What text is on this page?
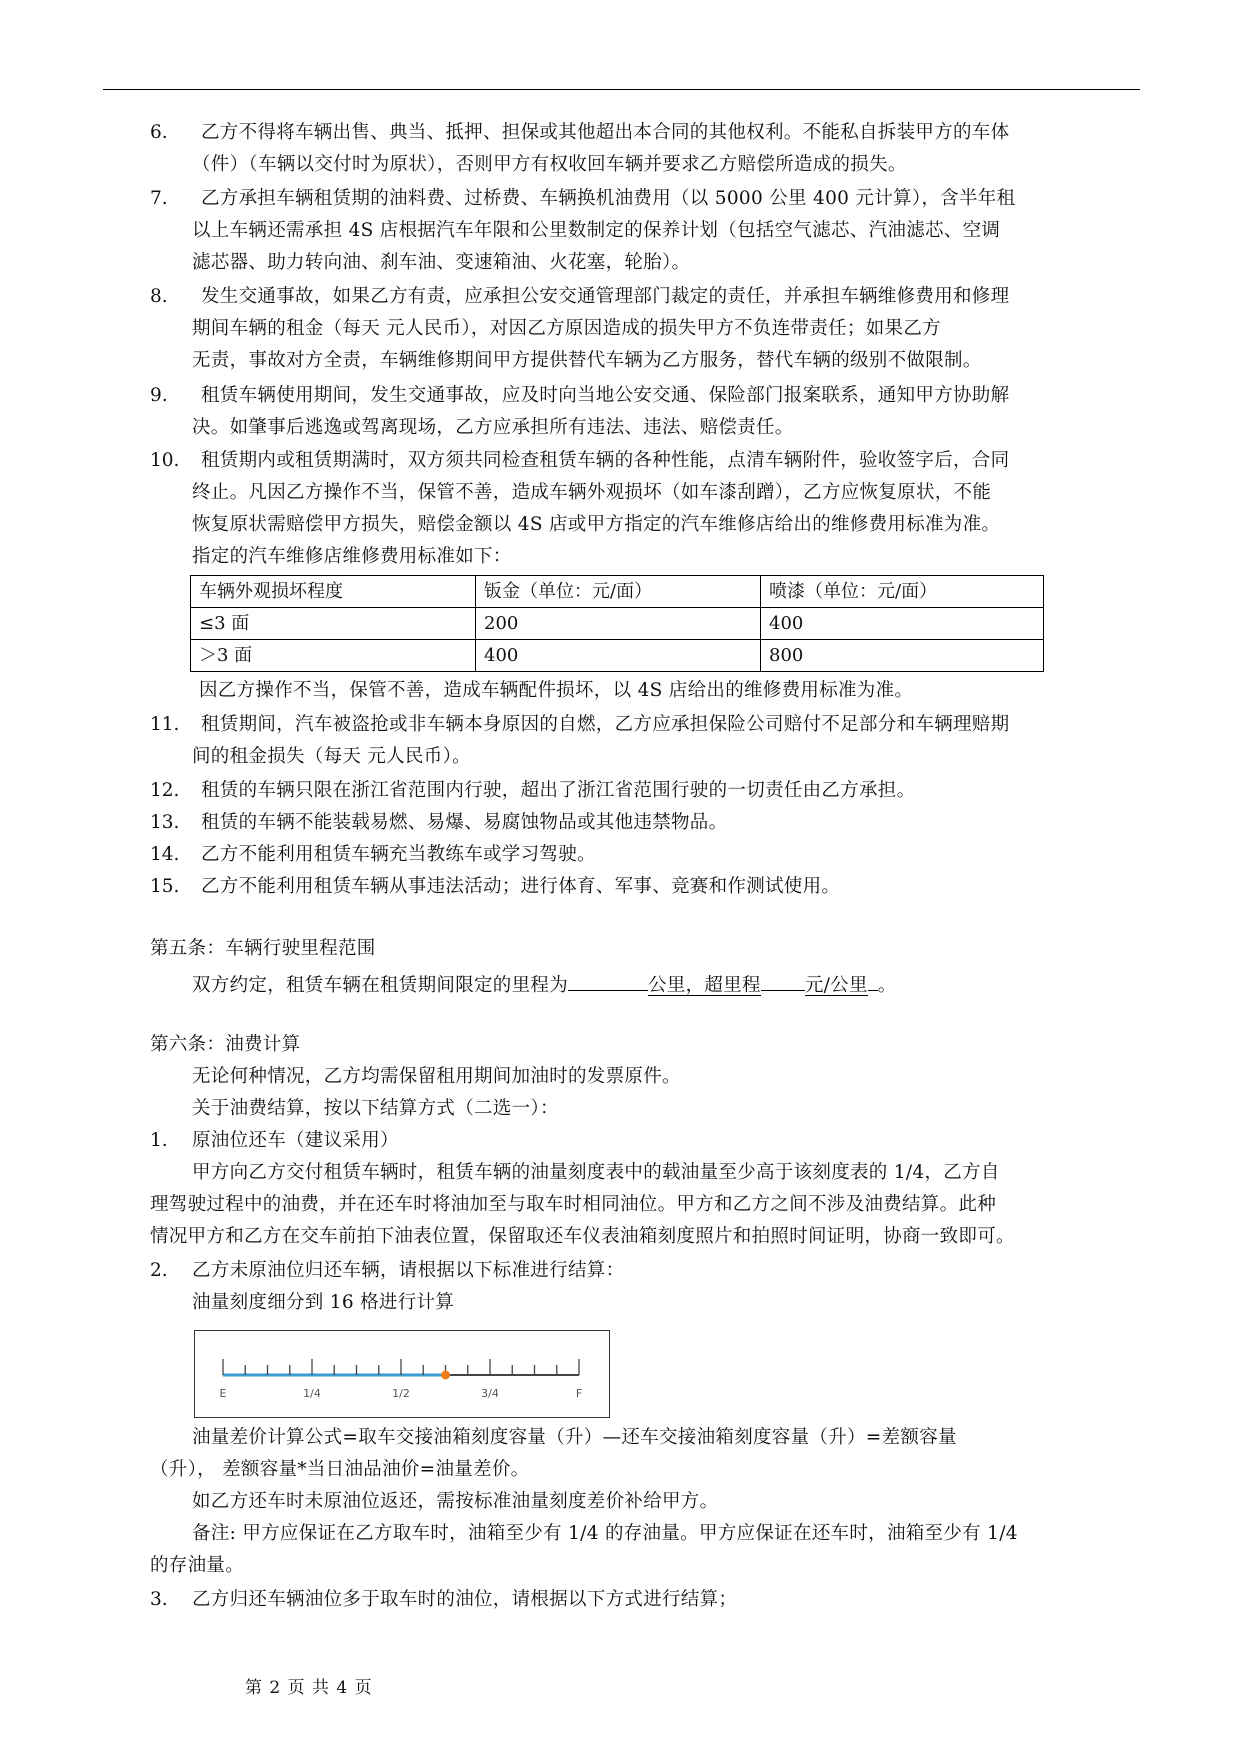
6. 乙方不得将车辆出售、典当、抵押、担保或其他超出本合同的其他权利。不能私自拆装甲方的车体
（件）（车辆以交付时为原状），否则甲方有权收回车辆并要求乙方赔偿所造成的损失。
7. 乙方承担车辆租赁期的油料费、过桥费、车辆换机油费用（以 5000 公里 400 元计算），含半年租
以上车辆还需承担 4S 店根据汽车年限和公里数制定的保养计划（包括空气滤芯、汽油滤芯、空调
滤芯器、助力转向油、刹车油、变速箱油、火花塞，轮胎）。
8. 发生交通事故，如果乙方有责，应承担公安交通管理部门裁定的责任，并承担车辆维修费用和修理
期间车辆的租金（每天 元人民币），对因乙方原因造成的损失甲方不负连带责任；如果乙方
无责，事故对方全责，车辆维修期间甲方提供替代车辆为乙方服务，替代车辆的级别不做限制。
9. 租赁车辆使用期间，发生交通事故，应及时向当地公安交通、保险部门报案联系，通知甲方协助解
决。如肇事后逃逸或驾离现场，乙方应承担所有违法、违法、赔偿责任。
10. 租赁期内或租赁期满时，双方须共同检查租赁车辆的各种性能，点清车辆附件，验收签字后，合同
终止。凡因乙方操作不当，保管不善，造成车辆外观损坏（如车漆刮蹭），乙方应恢复原状，不能
恢复原状需赔偿甲方损失，赔偿金额以 4S 店或甲方指定的汽车维修店给出的维修费用标准为准。
指定的汽车维修店维修费用标准如下：
车辆外观损坏程度	钣金（单位：元/面）	喷漆（单位：元/面）
≤3 面	200	400
＞3 面	400	800
因乙方操作不当，保管不善，造成车辆配件损坏，以 4S 店给出的维修费用标准为准。
11. 租赁期间，汽车被盗抢或非车辆本身原因的自燃，乙方应承担保险公司赔付不足部分和车辆理赔期
间的租金损失（每天 元人民币）。
12. 租赁的车辆只限在浙江省范围内行驶，超出了浙江省范围行驶的一切责任由乙方承担。
13. 租赁的车辆不能装载易燃、易爆、易腐蚀物品或其他违禁物品。
14. 乙方不能利用租赁车辆充当教练车或学习驾驶。
15. 乙方不能利用租赁车辆从事违法活动；进行体育、军事、竞赛和作测试使用。
第五条：车辆行驶里程范围
双方约定，租赁车辆在租赁期间限定的里程为	公里，超里程 元/公里 。
第六条：油费计算
无论何种情况，乙方均需保留租用期间加油时的发票原件。
关于油费结算，按以下结算方式（二选一）：
1. 原油位还车（建议采用）
甲方向乙方交付租赁车辆时，租赁车辆的油量刻度表中的载油量至少高于该刻度表的 1/4，乙方自
理驾驶过程中的油费，并在还车时将油加至与取车时相同油位。甲方和乙方之间不涉及油费结算。此种
情况甲方和乙方在交车前拍下油表位置，保留取还车仪表油箱刻度照片和拍照时间证明，协商一致即可。
2. 乙方未原油位归还车辆，请根据以下标准进行结算：
油量刻度细分到 16 格进行计算
E	1/4	1/2	3/4	F
油量差价计算公式=取车交接油箱刻度容量（升）—还车交接油箱刻度容量（升）=差额容量
（升）， 差额容量*当日油品油价=油量差价。
如乙方还车时未原油位返还，需按标准油量刻度差价补给甲方。
备注: 甲方应保证在乙方取车时，油箱至少有 1/4 的存油量。甲方应保证在还车时，油箱至少有 1/4
的存油量。
3. 乙方归还车辆油位多于取车时的油位，请根据以下方式进行结算；
第 2 页 共 4 页
